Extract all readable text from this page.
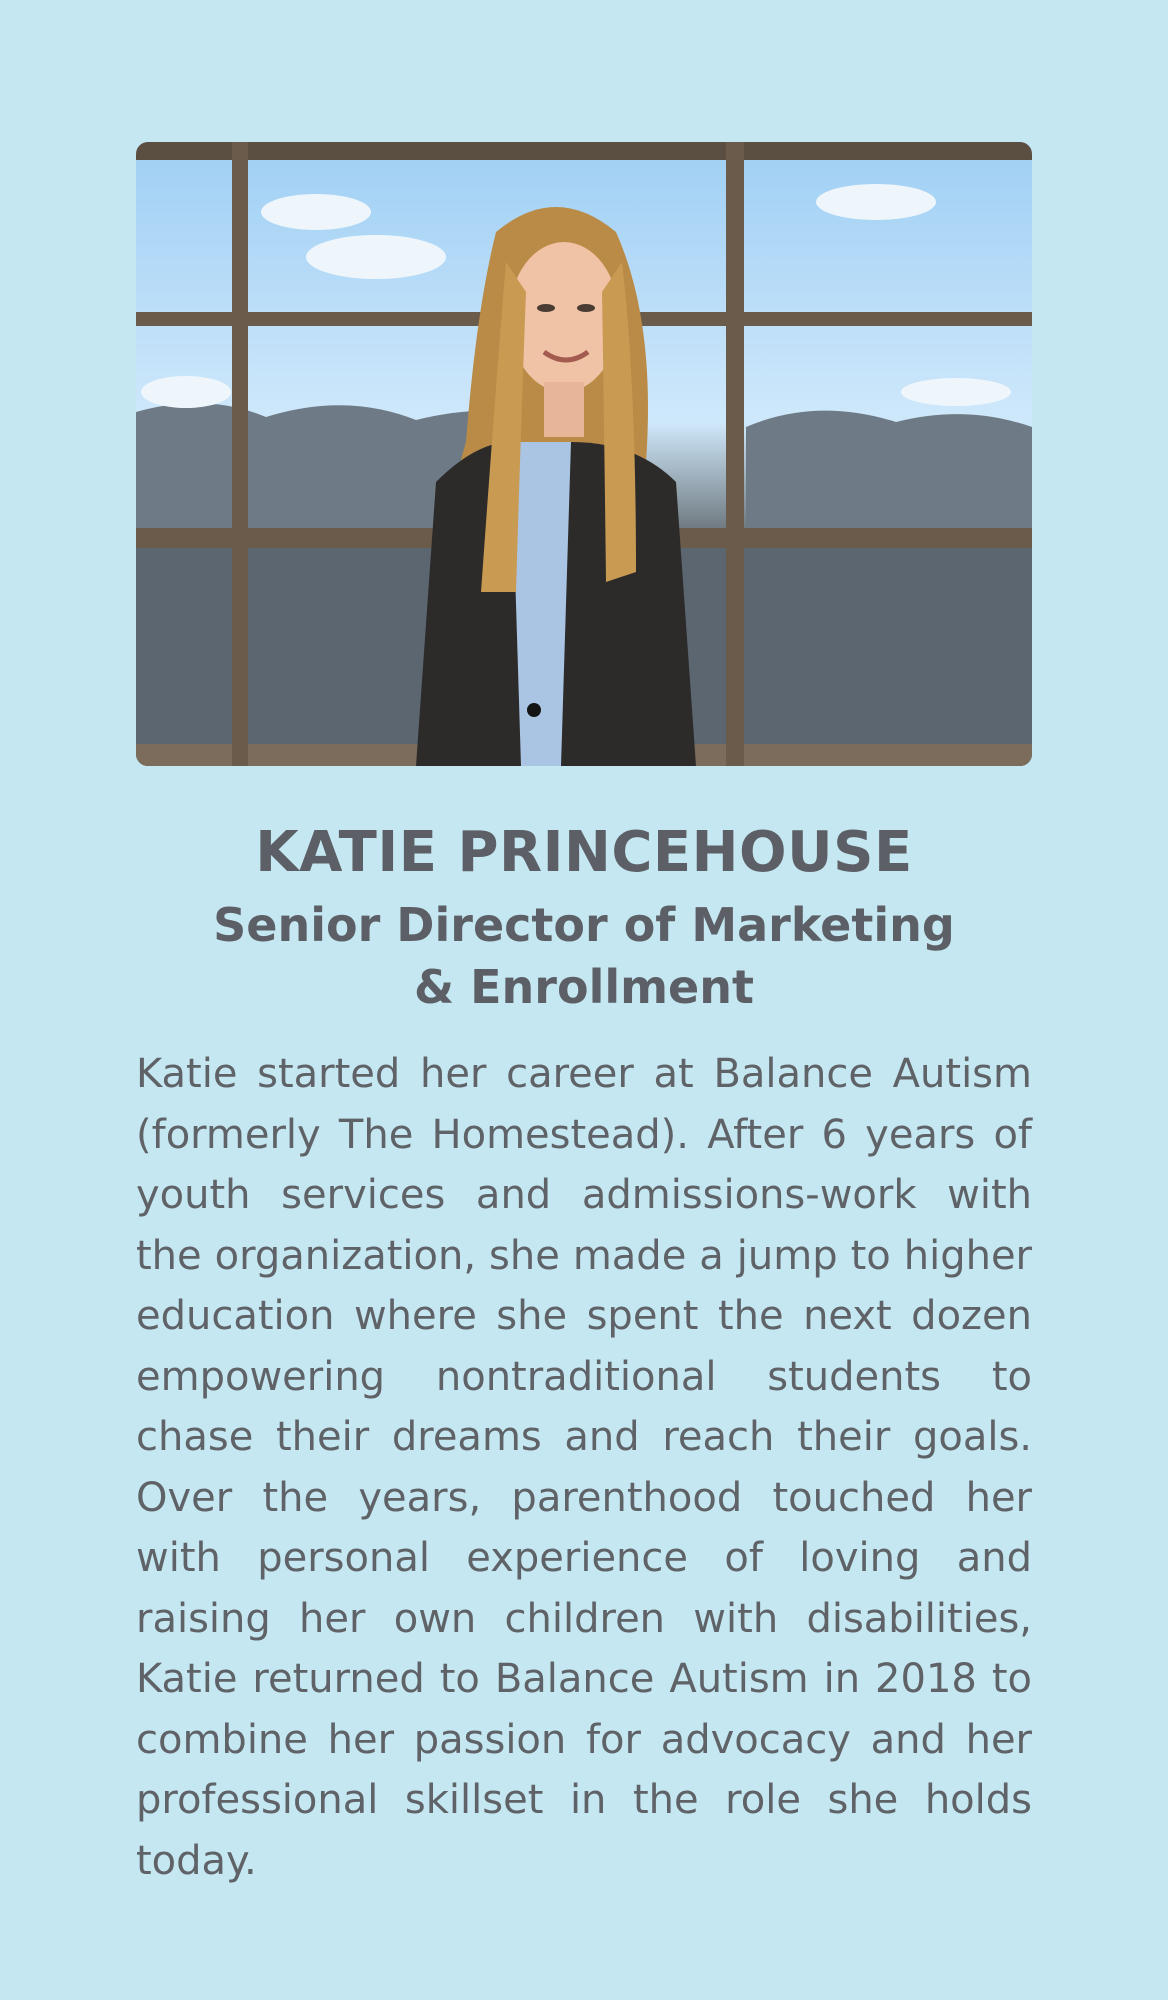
KATIE PRINCEHOUSE
Senior Director of Marketing
& Enrollment
Katie started her career at Balance Autism (formerly The Homestead). After 6 years of youth services and admissions-work with the organization, she made a jump to higher education where she spent the next dozen empowering nontraditional students to chase their dreams and reach their goals. Over the years, parenthood touched her with personal experience of loving and raising her own children with disabilities, Katie returned to Balance Autism in 2018 to combine her passion for advocacy and her professional skillset in the role she holds today.
